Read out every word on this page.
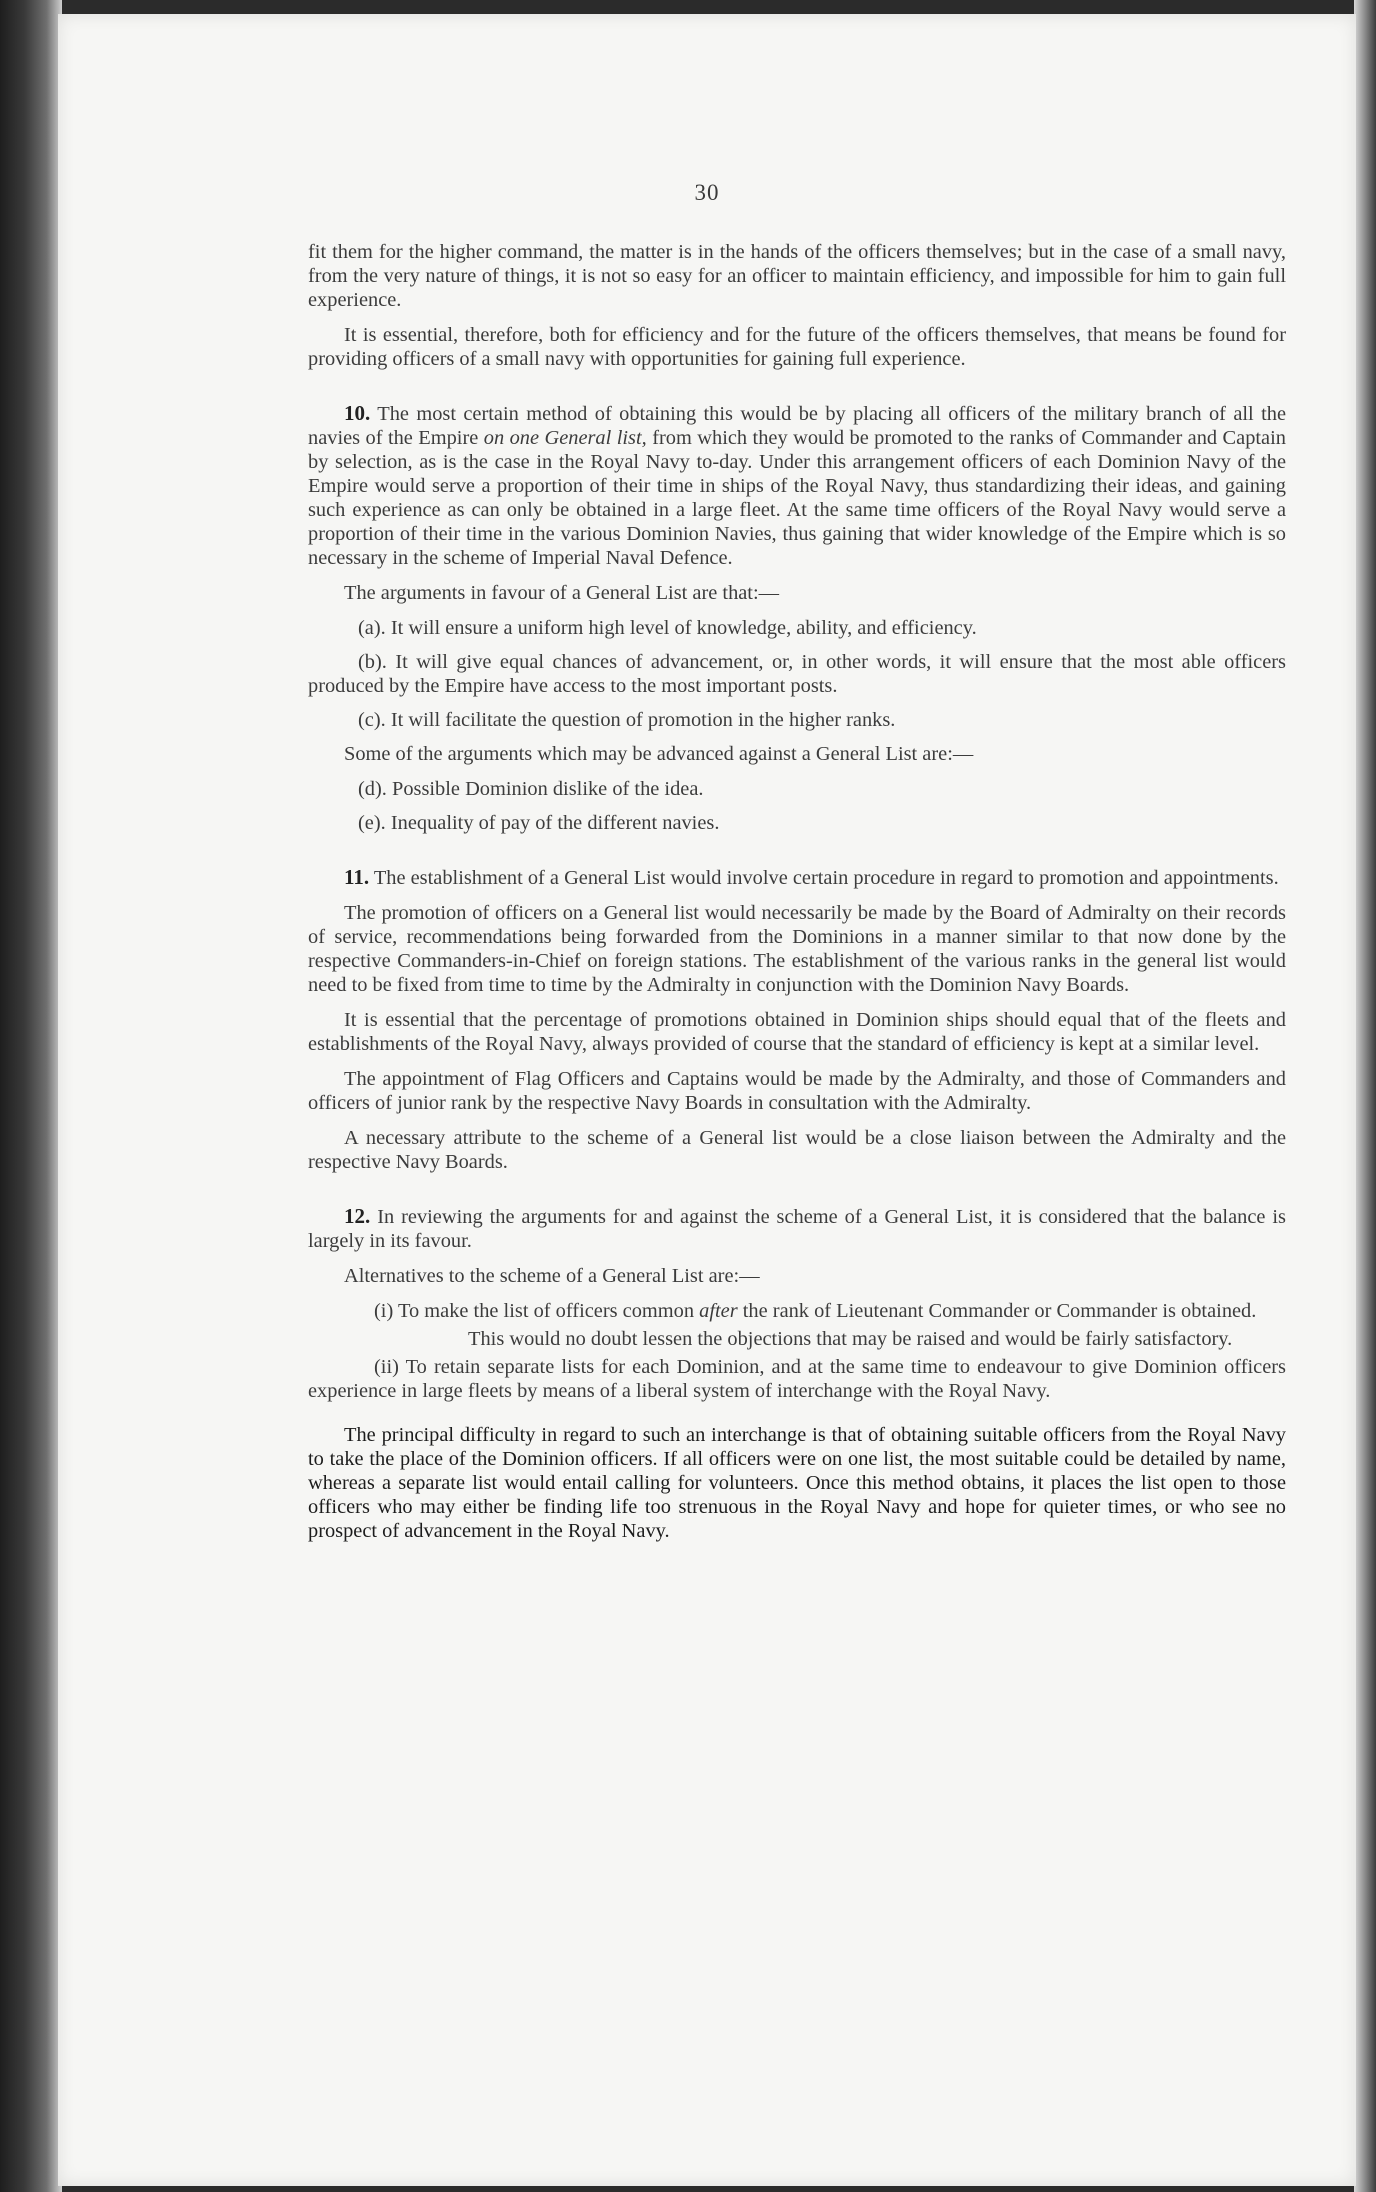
30

fit them for the higher command, the matter is in the hands of the officers themselves; but in the case of a small navy, from the very nature of things, it is not so easy for an officer to maintain efficiency, and impossible for him to gain full experience.

It is essential, therefore, both for efficiency and for the future of the officers themselves, that means be found for providing officers of a small navy with opportunities for gaining full experience.

10. The most certain method of obtaining this would be by placing all officers of the military branch of all the navies of the Empire on one General list, from which they would be promoted to the ranks of Commander and Captain by selection, as is the case in the Royal Navy to-day. Under this arrangement officers of each Dominion Navy of the Empire would serve a proportion of their time in ships of the Royal Navy, thus standardizing their ideas, and gaining such experience as can only be obtained in a large fleet. At the same time officers of the Royal Navy would serve a proportion of their time in the various Dominion Navies, thus gaining that wider knowledge of the Empire which is so necessary in the scheme of Imperial Naval Defence.

The arguments in favour of a General List are that:—

(a). It will ensure a uniform high level of knowledge, ability, and efficiency.

(b). It will give equal chances of advancement, or, in other words, it will ensure that the most able officers produced by the Empire have access to the most important posts.

(c). It will facilitate the question of promotion in the higher ranks.

Some of the arguments which may be advanced against a General List are:—

(d). Possible Dominion dislike of the idea.

(e). Inequality of pay of the different navies.

11. The establishment of a General List would involve certain procedure in regard to promotion and appointments.

The promotion of officers on a General list would necessarily be made by the Board of Admiralty on their records of service, recommendations being forwarded from the Dominions in a manner similar to that now done by the respective Commanders-in-Chief on foreign stations. The establishment of the various ranks in the general list would need to be fixed from time to time by the Admiralty in conjunction with the Dominion Navy Boards.

It is essential that the percentage of promotions obtained in Dominion ships should equal that of the fleets and establishments of the Royal Navy, always provided of course that the standard of efficiency is kept at a similar level.

The appointment of Flag Officers and Captains would be made by the Admiralty, and those of Commanders and officers of junior rank by the respective Navy Boards in consultation with the Admiralty.

A necessary attribute to the scheme of a General list would be a close liaison between the Admiralty and the respective Navy Boards.

12. In reviewing the arguments for and against the scheme of a General List, it is considered that the balance is largely in its favour.

Alternatives to the scheme of a General List are:—

(i) To make the list of officers common after the rank of Lieutenant Commander or Commander is obtained.

This would no doubt lessen the objections that may be raised and would be fairly satisfactory.

(ii) To retain separate lists for each Dominion, and at the same time to endeavour to give Dominion officers experience in large fleets by means of a liberal system of interchange with the Royal Navy.

The principal difficulty in regard to such an interchange is that of obtaining suitable officers from the Royal Navy to take the place of the Dominion officers. If all officers were on one list, the most suitable could be detailed by name, whereas a separate list would entail calling for volunteers. Once this method obtains, it places the list open to those officers who may either be finding life too strenuous in the Royal Navy and hope for quieter times, or who see no prospect of advancement in the Royal Navy.
